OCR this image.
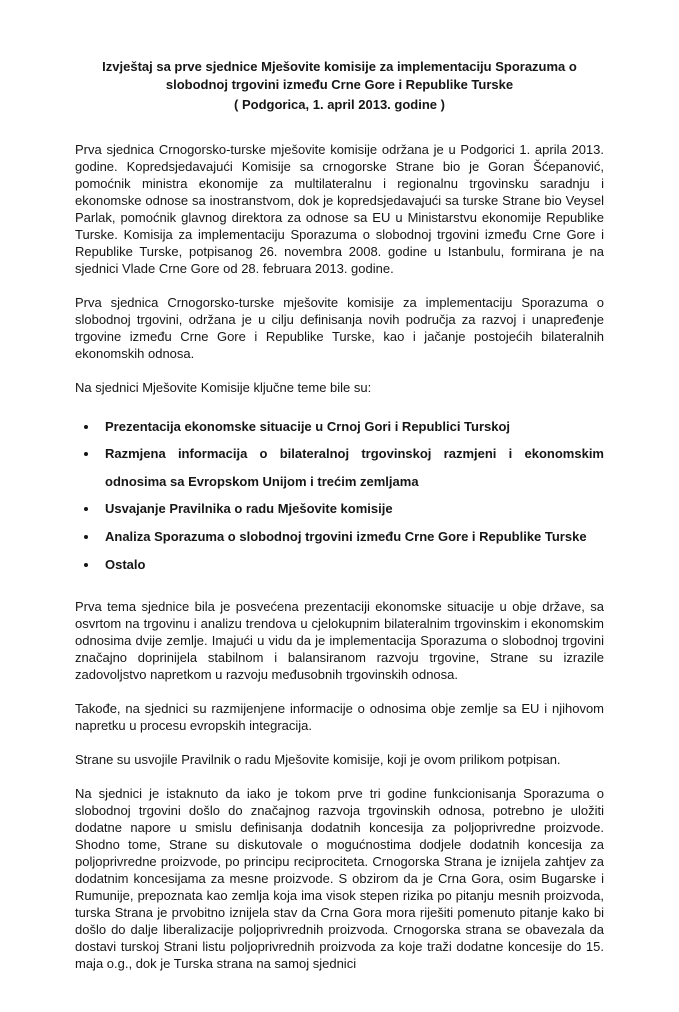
Izvještaj sa prve sjednice Mješovite komisije za implementaciju Sporazuma o slobodnoj trgovini između Crne Gore i Republike Turske
( Podgorica, 1. april 2013. godine )

Prva sjednica Crnogorsko-turske mješovite komisije održana je u Podgorici 1. aprila 2013. godine. Kopredsjedavajući Komisije sa crnogorske Strane bio je Goran Šćepanović, pomoćnik ministra ekonomije za multilateralnu i regionalnu trgovinsku saradnju i ekonomske odnose sa inostranstvom, dok je kopredsjedavajući sa turske Strane bio Veysel Parlak, pomoćnik glavnog direktora za odnose sa EU u Ministarstvu ekonomije Republike Turske. Komisija za implementaciju Sporazuma o slobodnoj trgovini između Crne Gore i Republike Turske, potpisanog 26. novembra 2008. godine u Istanbulu, formirana je na sjednici Vlade Crne Gore od 28. februara 2013. godine.

Prva sjednica Crnogorsko-turske mješovite komisije za implementaciju Sporazuma o slobodnoj trgovini, održana je u cilju definisanja novih područja za razvoj i unapređenje trgovine između Crne Gore i Republike Turske, kao i jačanje postojećih bilateralnih ekonomskih odnosa.

Na sjednici Mješovite Komisije ključne teme bile su:

• Prezentacija ekonomske situacije u Crnoj Gori i Republici Turskoj
• Razmjena informacija o bilateralnoj trgovinskoj razmjeni i ekonomskim odnosima sa Evropskom Unijom i trećim zemljama
• Usvajanje Pravilnika o radu Mješovite komisije
• Analiza Sporazuma o slobodnoj trgovini između Crne Gore i Republike Turske
• Ostalo

Prva tema sjednice bila je posvećena prezentaciji ekonomske situacije u obje države, sa osvrtom na trgovinu i analizu trendova u cjelokupnim bilateralnim trgovinskim i ekonomskim odnosima dvije zemlje. Imajući u vidu da je implementacija Sporazuma o slobodnoj trgovini značajno doprinijela stabilnom i balansiranom razvoju trgovine, Strane su izrazile zadovoljstvo napretkom u razvoju međusobnih trgovinskih odnosa.

Takođe, na sjednici su razmijenjene informacije o odnosima obje zemlje sa EU i njihovom napretku u procesu evropskih integracija.

Strane su usvojile Pravilnik o radu Mješovite komisije, koji je ovom prilikom potpisan.

Na sjednici je istaknuto da iako je tokom prve tri godine funkcionisanja Sporazuma o slobodnoj trgovini došlo do značajnog razvoja trgovinskih odnosa, potrebno je uložiti dodatne napore u smislu definisanja dodatnih koncesija za poljoprivredne proizvode. Shodno tome, Strane su diskutovale o mogućnostima dodjele dodatnih koncesija za poljoprivredne proizvode, po principu reciprociteta. Crnogorska Strana je iznijela zahtjev za dodatnim koncesijama za mesne proizvode. S obzirom da je Crna Gora, osim Bugarske i Rumunije, prepoznata kao zemlja koja ima visok stepen rizika po pitanju mesnih proizvoda, turska Strana je prvobitno iznijela stav da Crna Gora mora riješiti pomenuto pitanje kako bi došlo do dalje liberalizacije poljoprivrednih proizvoda. Crnogorska strana se obavezala da dostavi turskoj Strani listu poljoprivrednih proizvoda za koje traži dodatne koncesije do 15. maja o.g., dok je Turska strana na samoj sjednici
